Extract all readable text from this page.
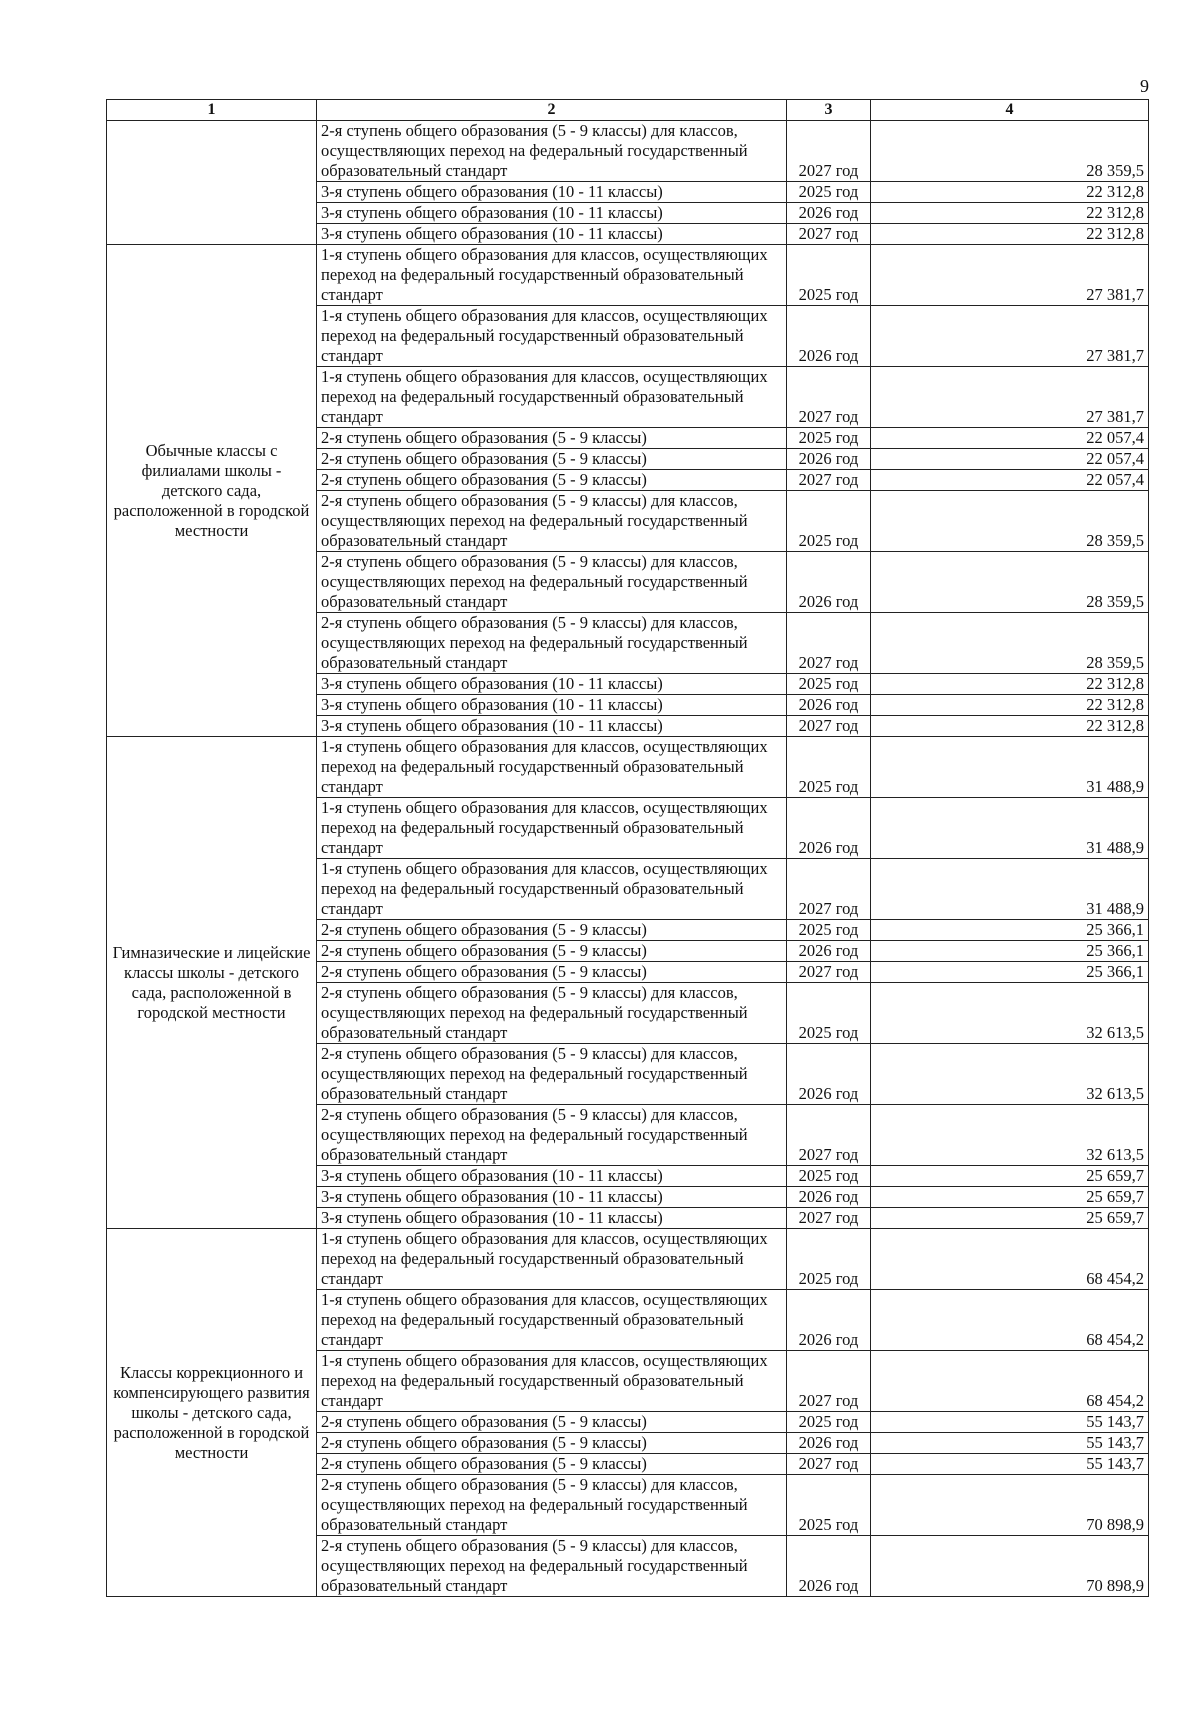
9
1	2	3	4
	2-я ступень общего образования (5 - 9 классы) для классов, осуществляющих переход на федеральный государственный образовательный стандарт	2027 год	28 359,5
	3-я ступень общего образования (10 - 11 классы)	2025 год	22 312,8
	3-я ступень общего образования (10 - 11 классы)	2026 год	22 312,8
	3-я ступень общего образования (10 - 11 классы)	2027 год	22 312,8
Обычные классы с филиалами школы - детского сада, расположенной в городской местности	1-я ступень общего образования для классов, осуществляющих переход на федеральный государственный образовательный стандарт	2025 год	27 381,7
	1-я ступень общего образования для классов, осуществляющих переход на федеральный государственный образовательный стандарт	2026 год	27 381,7
	1-я ступень общего образования для классов, осуществляющих переход на федеральный государственный образовательный стандарт	2027 год	27 381,7
	2-я ступень общего образования (5 - 9 классы)	2025 год	22 057,4
	2-я ступень общего образования (5 - 9 классы)	2026 год	22 057,4
	2-я ступень общего образования (5 - 9 классы)	2027 год	22 057,4
	2-я ступень общего образования (5 - 9 классы) для классов, осуществляющих переход на федеральный государственный образовательный стандарт	2025 год	28 359,5
	2-я ступень общего образования (5 - 9 классы) для классов, осуществляющих переход на федеральный государственный образовательный стандарт	2026 год	28 359,5
	2-я ступень общего образования (5 - 9 классы) для классов, осуществляющих переход на федеральный государственный образовательный стандарт	2027 год	28 359,5
	3-я ступень общего образования (10 - 11 классы)	2025 год	22 312,8
	3-я ступень общего образования (10 - 11 классы)	2026 год	22 312,8
	3-я ступень общего образования (10 - 11 классы)	2027 год	22 312,8
Гимназические и лицейские классы школы - детского сада, расположенной в городской местности	1-я ступень общего образования для классов, осуществляющих переход на федеральный государственный образовательный стандарт	2025 год	31 488,9
	1-я ступень общего образования для классов, осуществляющих переход на федеральный государственный образовательный стандарт	2026 год	31 488,9
	1-я ступень общего образования для классов, осуществляющих переход на федеральный государственный образовательный стандарт	2027 год	31 488,9
	2-я ступень общего образования (5 - 9 классы)	2025 год	25 366,1
	2-я ступень общего образования (5 - 9 классы)	2026 год	25 366,1
	2-я ступень общего образования (5 - 9 классы)	2027 год	25 366,1
	2-я ступень общего образования (5 - 9 классы) для классов, осуществляющих переход на федеральный государственный образовательный стандарт	2025 год	32 613,5
	2-я ступень общего образования (5 - 9 классы) для классов, осуществляющих переход на федеральный государственный образовательный стандарт	2026 год	32 613,5
	2-я ступень общего образования (5 - 9 классы) для классов, осуществляющих переход на федеральный государственный образовательный стандарт	2027 год	32 613,5
	3-я ступень общего образования (10 - 11 классы)	2025 год	25 659,7
	3-я ступень общего образования (10 - 11 классы)	2026 год	25 659,7
	3-я ступень общего образования (10 - 11 классы)	2027 год	25 659,7
Классы коррекционного и компенсирующего развития школы - детского сада, расположенной в городской местности	1-я ступень общего образования для классов, осуществляющих переход на федеральный государственный образовательный стандарт	2025 год	68 454,2
	1-я ступень общего образования для классов, осуществляющих переход на федеральный государственный образовательный стандарт	2026 год	68 454,2
	1-я ступень общего образования для классов, осуществляющих переход на федеральный государственный образовательный стандарт	2027 год	68 454,2
	2-я ступень общего образования (5 - 9 классы)	2025 год	55 143,7
	2-я ступень общего образования (5 - 9 классы)	2026 год	55 143,7
	2-я ступень общего образования (5 - 9 классы)	2027 год	55 143,7
	2-я ступень общего образования (5 - 9 классы) для классов, осуществляющих переход на федеральный государственный образовательный стандарт	2025 год	70 898,9
	2-я ступень общего образования (5 - 9 классы) для классов, осуществляющих переход на федеральный государственный образовательный стандарт	2026 год	70 898,9
